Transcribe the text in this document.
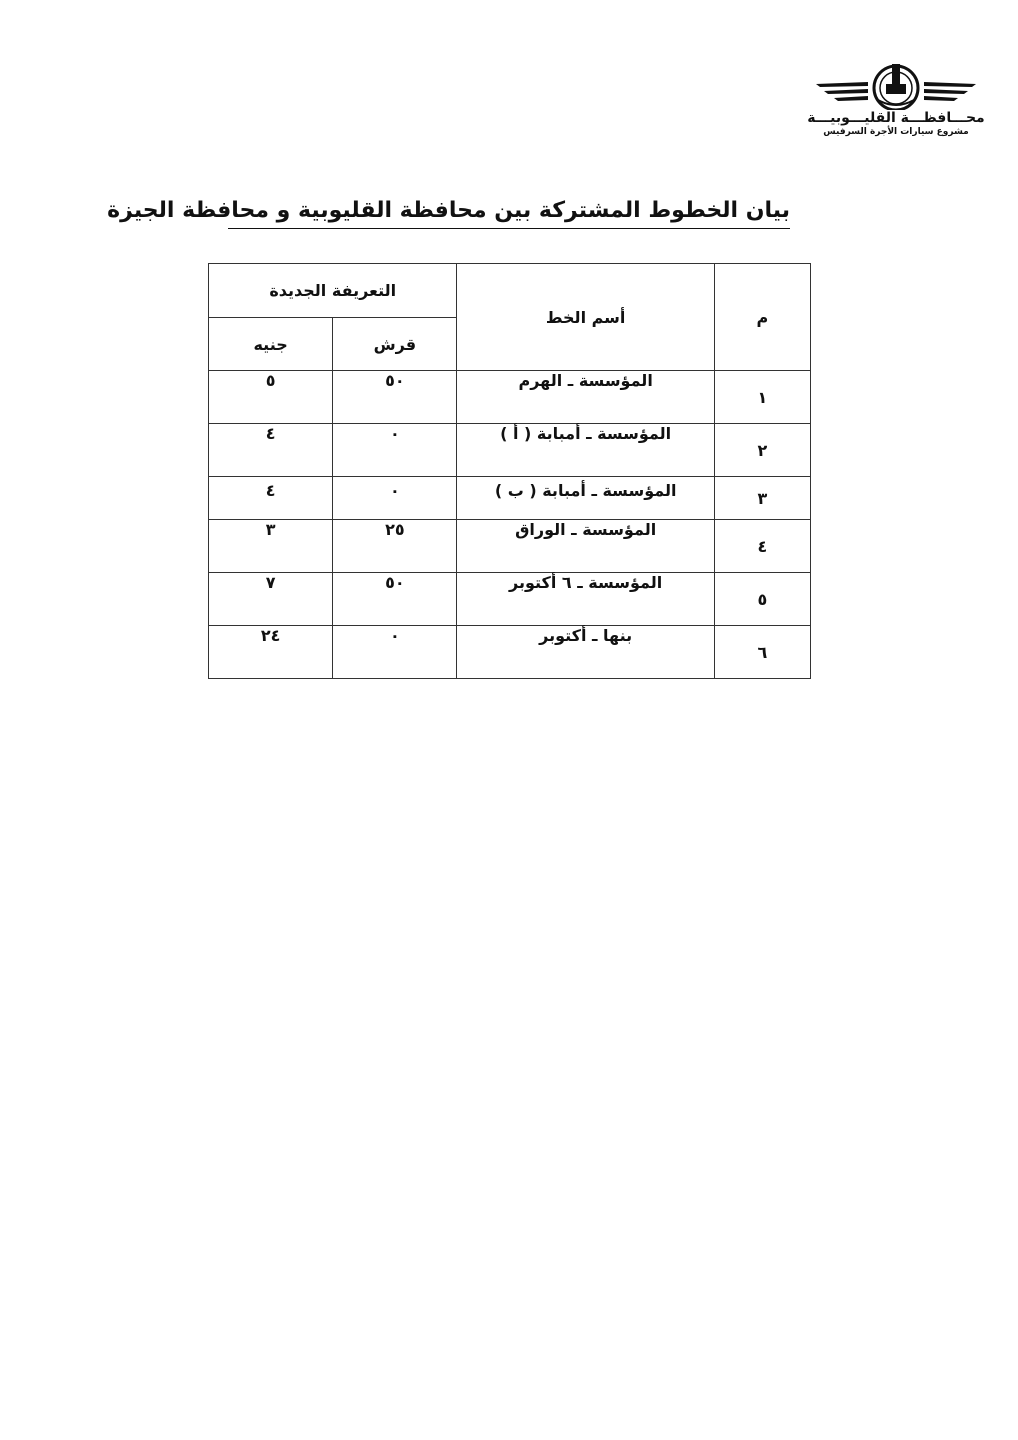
محـــافظـــة القليـــوبيـــة
مشروع سيارات الأجرة السرفيس
بيان الخطوط المشتركة بين محافظة القليوبية و محافظة الجيزة
م	أسم الخط	التعريفة الجديدة	
		قرش	جنيه
١	المؤسسة ـ الهرم	٥٠	٥
٢	المؤسسة ـ أمبابة ( أ )	٠	٤
٣	المؤسسة ـ أمبابة ( ب )	٠	٤
٤	المؤسسة ـ الوراق	٢٥	٣
٥	المؤسسة ـ ٦ أكتوبر	٥٠	٧
٦	بنها ـ أكتوبر	٠	٢٤
